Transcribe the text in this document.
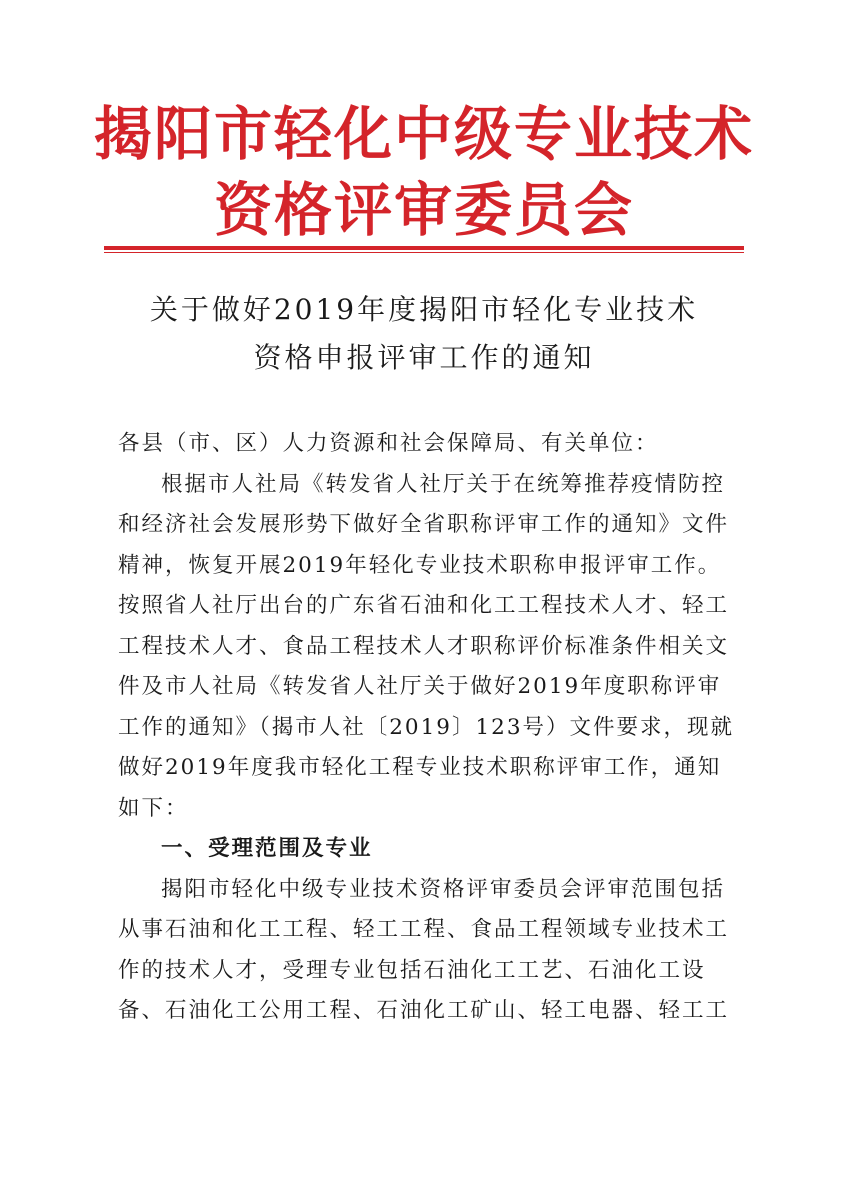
揭阳市轻化中级专业技术
资格评审委员会
关于做好2019年度揭阳市轻化专业技术
资格申报评审工作的通知

各县（市、区）人力资源和社会保障局、有关单位：

根据市人社局《转发省人社厅关于在统筹推荐疫情防控和经济社会发展形势下做好全省职称评审工作的通知》文件精神，恢复开展2019年轻化专业技术职称申报评审工作。按照省人社厅出台的广东省石油和化工工程技术人才、轻工工程技术人才、食品工程技术人才职称评价标准条件相关文件及市人社局《转发省人社厅关于做好2019年度职称评审工作的通知》（揭市人社〔2019〕123号）文件要求，现就做好2019年度我市轻化工程专业技术职称评审工作，通知如下：

一、受理范围及专业

揭阳市轻化中级专业技术资格评审委员会评审范围包括从事石油和化工工程、轻工工程、食品工程领域专业技术工作的技术人才，受理专业包括石油化工工艺、石油化工设备、石油化工公用工程、石油化工矿山、轻工电器、轻工工
